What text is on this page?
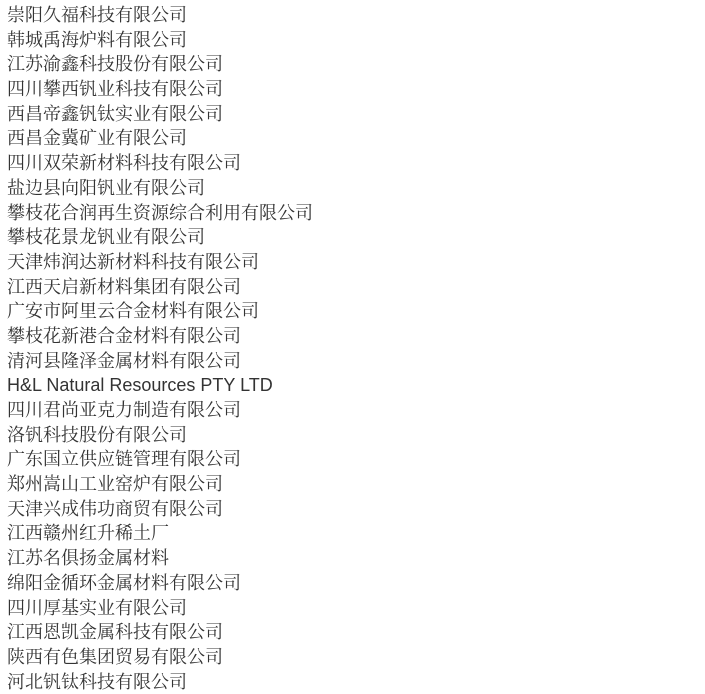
崇阳久福科技有限公司
韩城禹海炉料有限公司
江苏渝鑫科技股份有限公司
四川攀西钒业科技有限公司
西昌帝鑫钒钛实业有限公司
西昌金冀矿业有限公司
四川双荣新材料科技有限公司
盐边县向阳钒业有限公司
攀枝花合润再生资源综合利用有限公司
攀枝花景龙钒业有限公司
天津炜润达新材料科技有限公司
江西天启新材料集团有限公司
广安市阿里云合金材料有限公司
攀枝花新港合金材料有限公司
清河县隆泽金属材料有限公司
H&L Natural Resources PTY LTD
四川君尚亚克力制造有限公司
洛钒科技股份有限公司
广东国立供应链管理有限公司
郑州嵩山工业窑炉有限公司
天津兴成伟功商贸有限公司
江西赣州红升稀土厂
江苏名俱扬金属材料
绵阳金循环金属材料有限公司
四川厚基实业有限公司
江西恩凯金属科技有限公司
陕西有色集团贸易有限公司
河北钒钛科技有限公司
